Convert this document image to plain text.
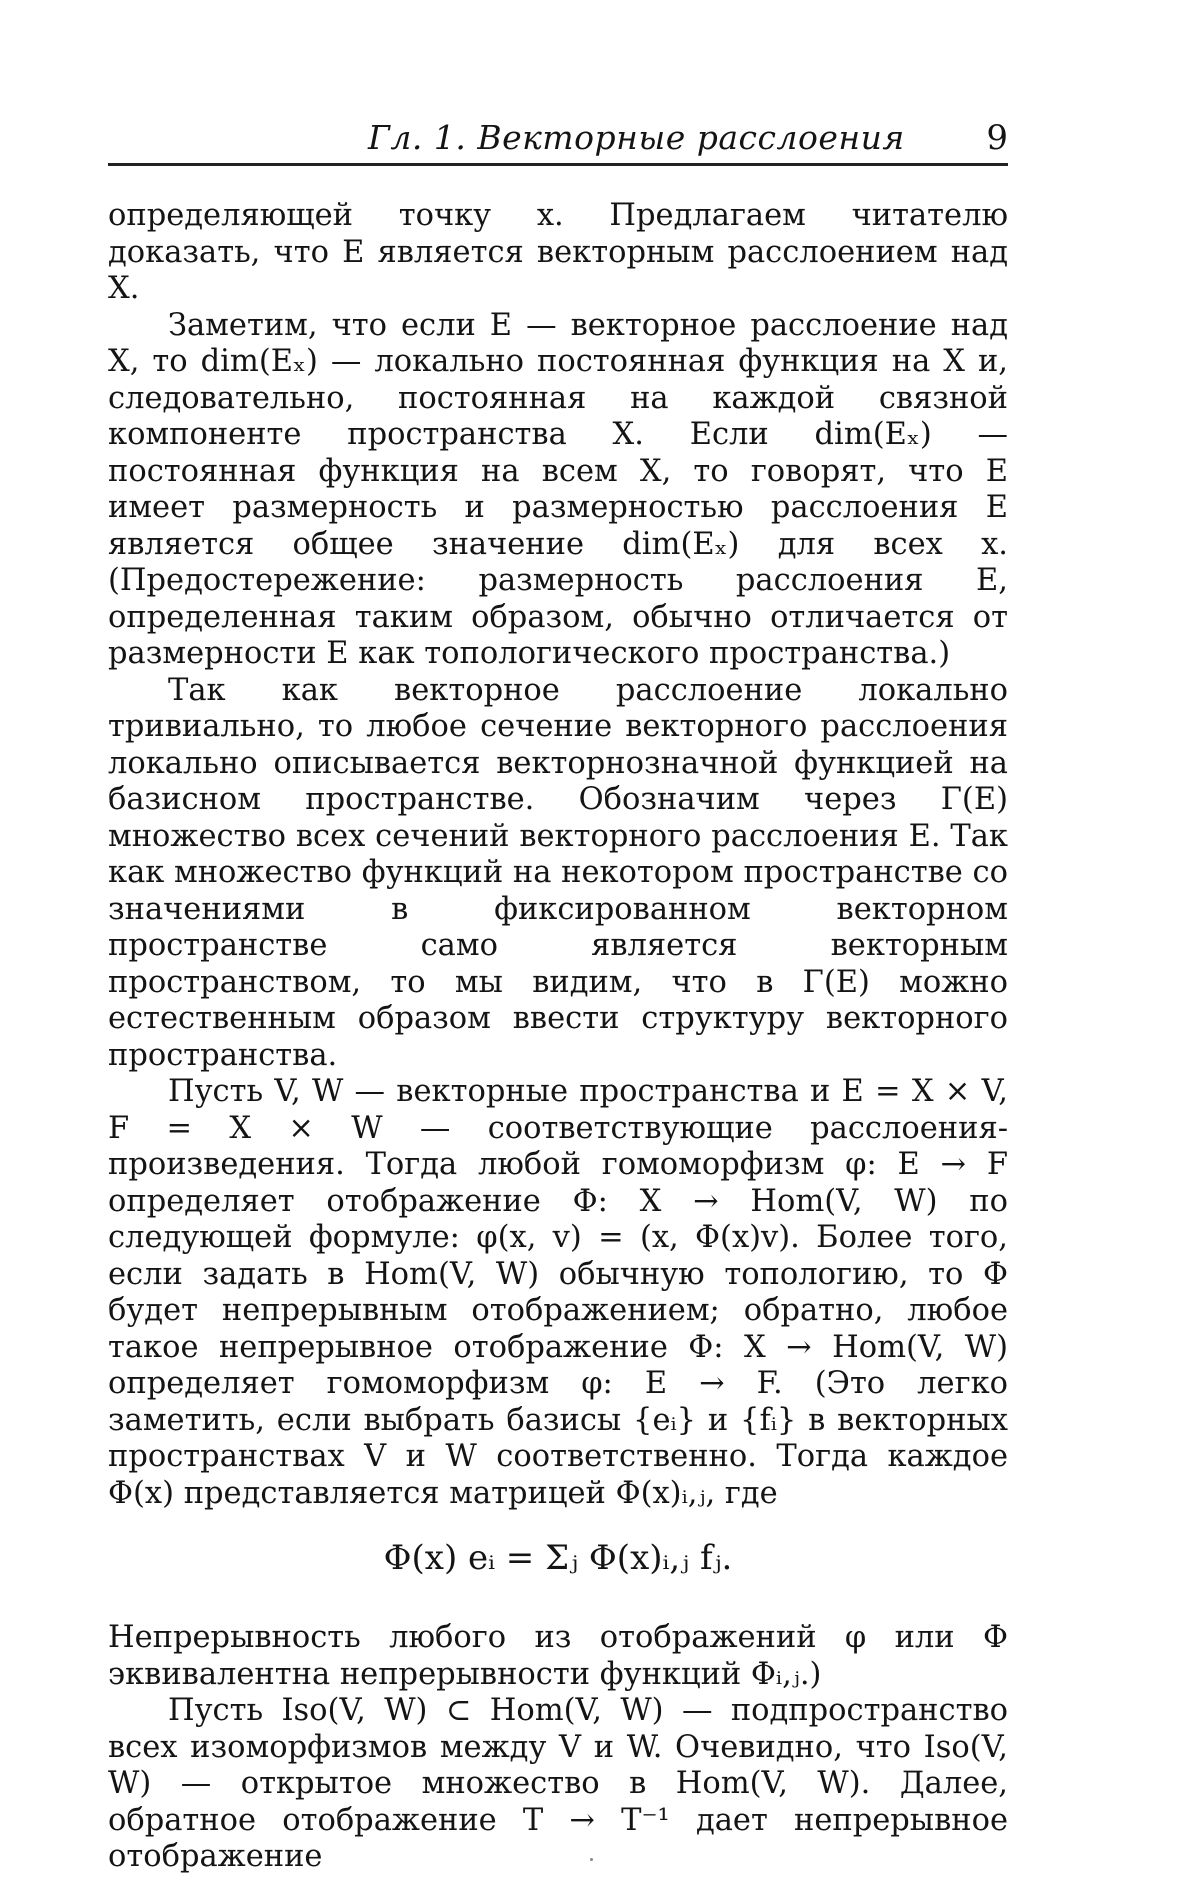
Гл. 1. Векторные расслоения 9

определяющей точку x. Предлагаем читателю доказать, что E является векторным расслоением над X.

Заметим, что если E — векторное расслоение над X, то dim(Eₓ) — локально постоянная функция на X и, следовательно, постоянная на каждой связной компоненте пространства X. Если dim(Eₓ) — постоянная функция на всем X, то говорят, что E имеет размерность и размерностью расслоения E является общее значение dim(Eₓ) для всех x. (Предостережение: размерность расслоения E, определенная таким образом, обычно отличается от размерности E как топологического пространства.)

Так как векторное расслоение локально тривиально, то любое сечение векторного расслоения локально описывается векторнозначной функцией на базисном пространстве. Обозначим через Γ(E) множество всех сечений векторного расслоения E. Так как множество функций на некотором пространстве со значениями в фиксированном векторном пространстве само является векторным пространством, то мы видим, что в Γ(E) можно естественным образом ввести структуру векторного пространства.

Пусть V, W — векторные пространства и E = X × V, F = X × W — соответствующие расслоения-произведения. Тогда любой гомоморфизм φ: E → F определяет отображение Φ: X → Hom(V, W) по следующей формуле: φ(x, v) = (x, Φ(x)v). Более того, если задать в Hom(V, W) обычную топологию, то Φ будет непрерывным отображением; обратно, любое такое непрерывное отображение Φ: X → Hom(V, W) определяет гомоморфизм φ: E → F. (Это легко заметить, если выбрать базисы {eᵢ} и {fᵢ} в векторных пространствах V и W соответственно. Тогда каждое Φ(x) представляется матрицей Φ(x)ᵢ,ⱼ, где

Φ(x) eᵢ = Σⱼ Φ(x)ᵢ,ⱼ fⱼ.

Непрерывность любого из отображений φ или Φ эквивалентна непрерывности функций Φᵢ,ⱼ.)

Пусть Iso(V, W) ⊂ Hom(V, W) — подпространство всех изоморфизмов между V и W. Очевидно, что Iso(V, W) — открытое множество в Hom(V, W). Далее, обратное отображение T → T⁻¹ дает непрерывное отображение
